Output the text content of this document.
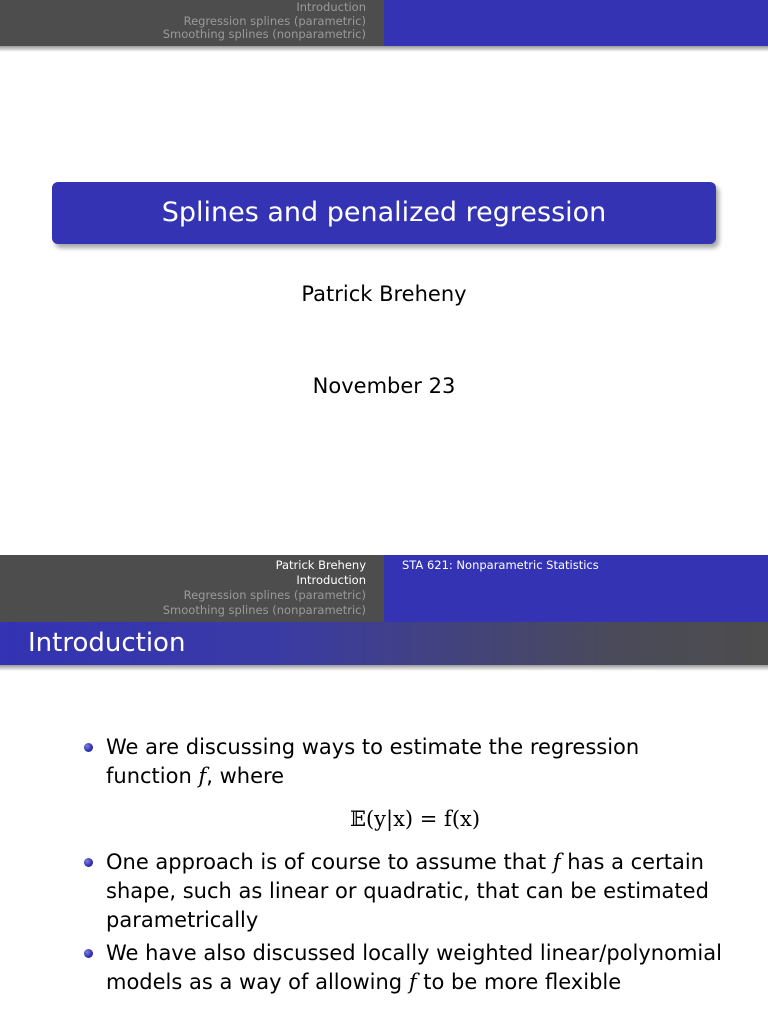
Introduction
Regression splines (parametric)
Smoothing splines (nonparametric)
Splines and penalized regression
Patrick Breheny
November 23
Patrick Breheny
Introduction
Regression splines (parametric)
Smoothing splines (nonparametric)
STA 621: Nonparametric Statistics
Introduction
We are discussing ways to estimate the regression function f, where
𝔼(y|x) = f(x)
One approach is of course to assume that f has a certain shape, such as linear or quadratic, that can be estimated parametrically
We have also discussed locally weighted linear/polynomial models as a way of allowing f to be more flexible
